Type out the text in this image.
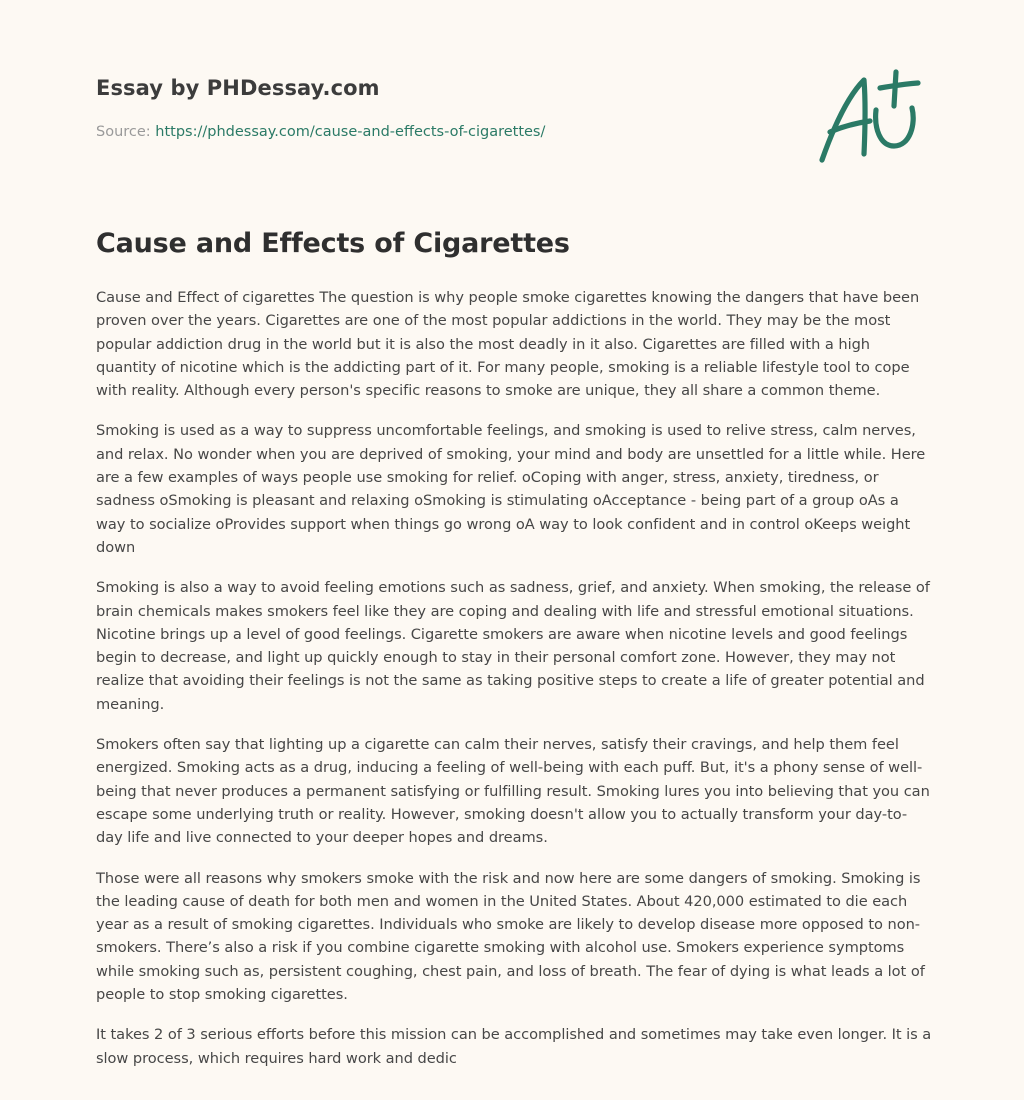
Essay by PHDessay.com
Source: https://phdessay.com/cause-and-effects-of-cigarettes/
Cause and Effects of Cigarettes

Cause and Effect of cigarettes The question is why people smoke cigarettes knowing the dangers that have been proven over the years. Cigarettes are one of the most popular addictions in the world. They may be the most popular addiction drug in the world but it is also the most deadly in it also. Cigarettes are filled with a high quantity of nicotine which is the addicting part of it. For many people, smoking is a reliable lifestyle tool to cope with reality. Although every person's specific reasons to smoke are unique, they all share a common theme.

Smoking is used as a way to suppress uncomfortable feelings, and smoking is used to relive stress, calm nerves, and relax. No wonder when you are deprived of smoking, your mind and body are unsettled for a little while. Here are a few examples of ways people use smoking for relief. oCoping with anger, stress, anxiety, tiredness, or sadness oSmoking is pleasant and relaxing oSmoking is stimulating oAcceptance - being part of a group oAs a way to socialize oProvides support when things go wrong oA way to look confident and in control oKeeps weight down

Smoking is also a way to avoid feeling emotions such as sadness, grief, and anxiety. When smoking, the release of brain chemicals makes smokers feel like they are coping and dealing with life and stressful emotional situations. Nicotine brings up a level of good feelings. Cigarette smokers are aware when nicotine levels and good feelings begin to decrease, and light up quickly enough to stay in their personal comfort zone. However, they may not realize that avoiding their feelings is not the same as taking positive steps to create a life of greater potential and meaning.

Smokers often say that lighting up a cigarette can calm their nerves, satisfy their cravings, and help them feel energized. Smoking acts as a drug, inducing a feeling of well-being with each puff. But, it's a phony sense of well-being that never produces a permanent satisfying or fulfilling result. Smoking lures you into believing that you can escape some underlying truth or reality. However, smoking doesn't allow you to actually transform your day-to-day life and live connected to your deeper hopes and dreams.

Those were all reasons why smokers smoke with the risk and now here are some dangers of smoking. Smoking is the leading cause of death for both men and women in the United States. About 420,000 estimated to die each year as a result of smoking cigarettes. Individuals who smoke are likely to develop disease more opposed to non-smokers. There’s also a risk if you combine cigarette smoking with alcohol use. Smokers experience symptoms while smoking such as, persistent coughing, chest pain, and loss of breath. The fear of dying is what leads a lot of people to stop smoking cigarettes.

It takes 2 of 3 serious efforts before this mission can be accomplished and sometimes may take even longer. It is a slow process, which requires hard work and dedic
